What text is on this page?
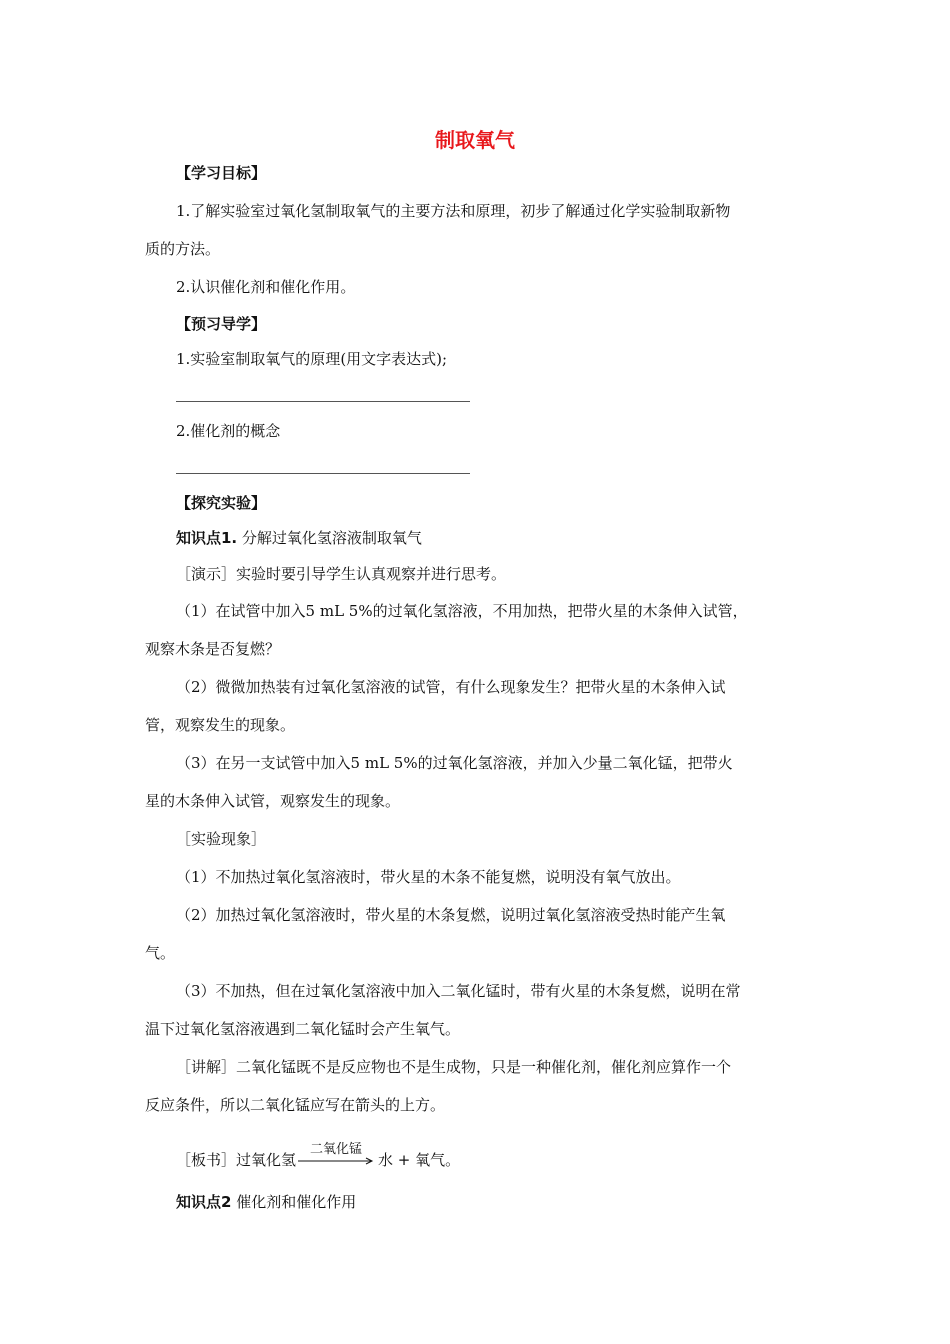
制取氧气
【学习目标】
1.了解实验室过氧化氢制取氧气的主要方法和原理，初步了解通过化学实验制取新物
质的方法。
2.认识催化剂和催化作用。
【预习导学】
1.实验室制取氧气的原理(用文字表达式);
2.催化剂的概念
【探究实验】
知识点1. 分解过氧化氢溶液制取氧气
［演示］实验时要引导学生认真观察并进行思考。
（1）在试管中加入5 mL 5%的过氧化氢溶液，不用加热，把带火星的木条伸入试管，
观察木条是否复燃？
（2）微微加热装有过氧化氢溶液的试管，有什么现象发生？把带火星的木条伸入试
管，观察发生的现象。
（3）在另一支试管中加入5 mL 5%的过氧化氢溶液，并加入少量二氧化锰，把带火
星的木条伸入试管，观察发生的现象。
［实验现象］
（1）不加热过氧化氢溶液时，带火星的木条不能复燃，说明没有氧气放出。
（2）加热过氧化氢溶液时，带火星的木条复燃，说明过氧化氢溶液受热时能产生氧
气。
（3）不加热，但在过氧化氢溶液中加入二氧化锰时，带有火星的木条复燃，说明在常
温下过氧化氢溶液遇到二氧化锰时会产生氧气。
［讲解］二氧化锰既不是反应物也不是生成物，只是一种催化剂，催化剂应算作一个
反应条件，所以二氧化锰应写在箭头的上方。
［板书］过氧化氢
二氧化锰
水 + 氧气。
知识点2 催化剂和催化作用
